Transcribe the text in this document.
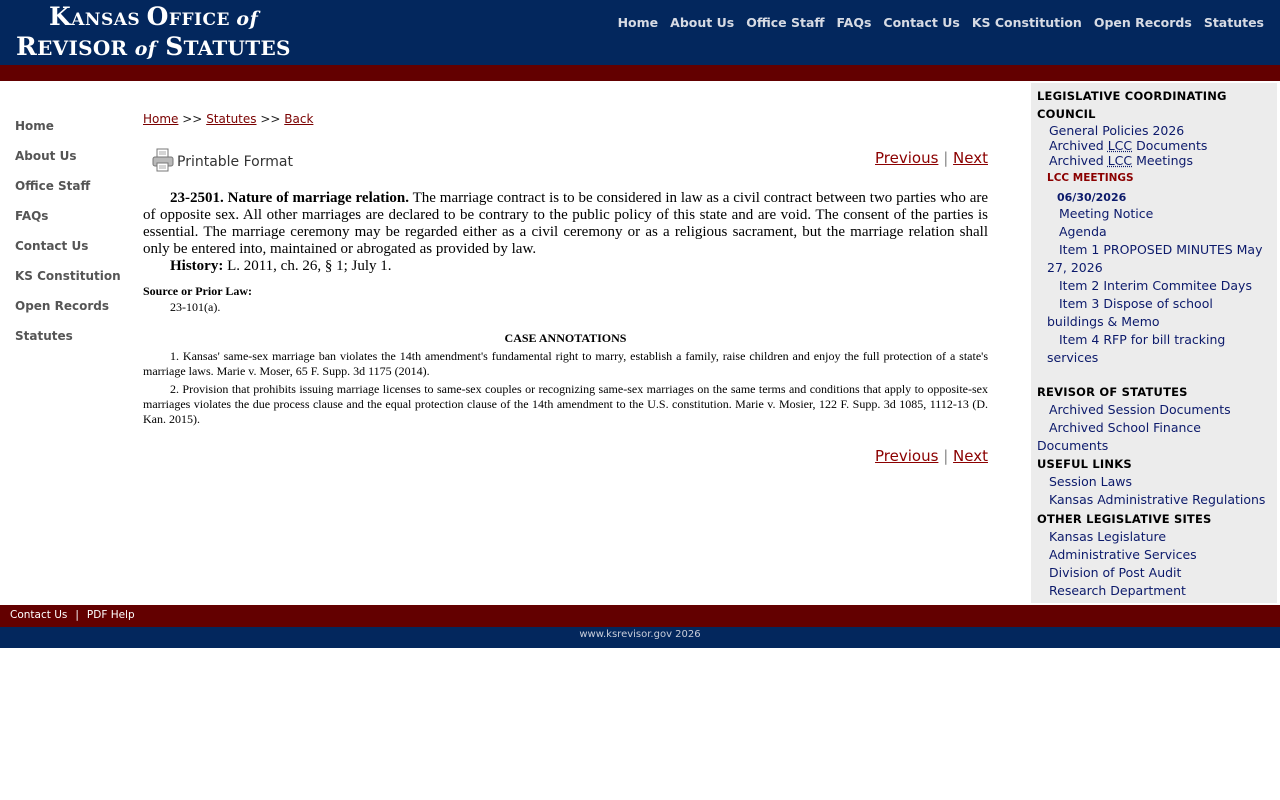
KANSAS OFFICE of
REVISOR of STATUTES
Home About Us Office Staff FAQs Contact Us KS Constitution Open Records Statutes
Home
About Us
Office Staff
FAQs
Contact Us
KS Constitution
Open Records
Statutes
Home >> Statutes >> Back
Printable Format	Previous | Next

23-2501. Nature of marriage relation. The marriage contract is to be considered in law as a civil contract between two parties who are of opposite sex. All other marriages are declared to be contrary to the public policy of this state and are void. The consent of the parties is essential. The marriage ceremony may be regarded either as a civil ceremony or as a religious sacrament, but the marriage relation shall only be entered into, maintained or abrogated as provided by law.

History: L. 2011, ch. 26, § 1; July 1.

Source or Prior Law:
23-101(a).
CASE ANNOTATIONS

1. Kansas' same-sex marriage ban violates the 14th amendment's fundamental right to marry, establish a family, raise children and enjoy the full protection of a state's marriage laws. Marie v. Moser, 65 F. Supp. 3d 1175 (2014).

2. Provision that prohibits issuing marriage licenses to same-sex couples or recognizing same-sex marriages on the same terms and conditions that apply to opposite-sex marriages violates the due process clause and the equal protection clause of the 14th amendment to the U.S. constitution. Marie v. Mosier, 122 F. Supp. 3d 1085, 1112-13 (D. Kan. 2015).

Previous | Next
LEGISLATIVE COORDINATING COUNCIL
General Policies 2026
Archived LCC Documents
Archived LCC Meetings
LCC MEETINGS
06/30/2026
Meeting Notice
Agenda
Item 1 PROPOSED MINUTES May 27, 2026
Item 2 Interim Commitee Days
Item 3 Dispose of school buildings & Memo
Item 4 RFP for bill tracking services
REVISOR OF STATUTES
Archived Session Documents
Archived School Finance Documents
USEFUL LINKS
Session Laws
Kansas Administrative Regulations
OTHER LEGISLATIVE SITES
Kansas Legislature
Administrative Services
Division of Post Audit
Research Department
Contact Us | PDF Help
www.ksrevisor.gov 2026
